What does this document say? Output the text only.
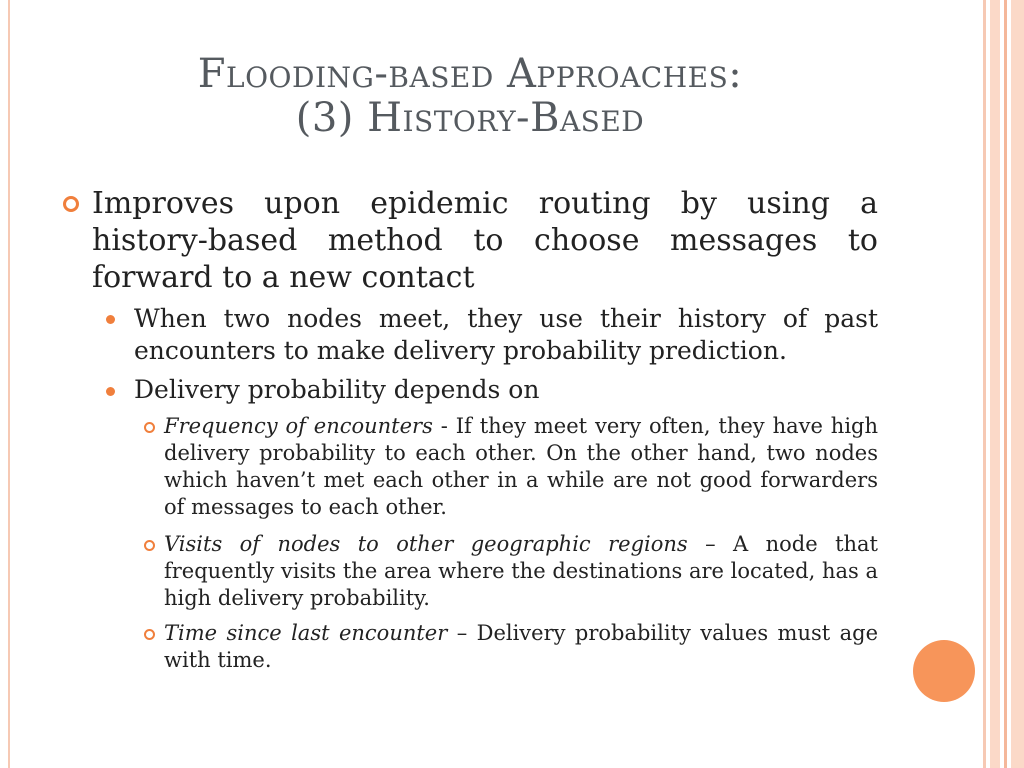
Flooding-based Approaches:
(3) History-Based
Improves upon epidemic routing by using a history-based method to choose messages to forward to a new contact
When two nodes meet, they use their history of past encounters to make delivery probability prediction.
Delivery probability depends on
Frequency of encounters - If they meet very often, they have high delivery probability to each other. On the other hand, two nodes which haven’t met each other in a while are not good forwarders of messages to each other.
Visits of nodes to other geographic regions – A node that frequently visits the area where the destinations are located, has a high delivery probability.
Time since last encounter – Delivery probability values must age with time.
